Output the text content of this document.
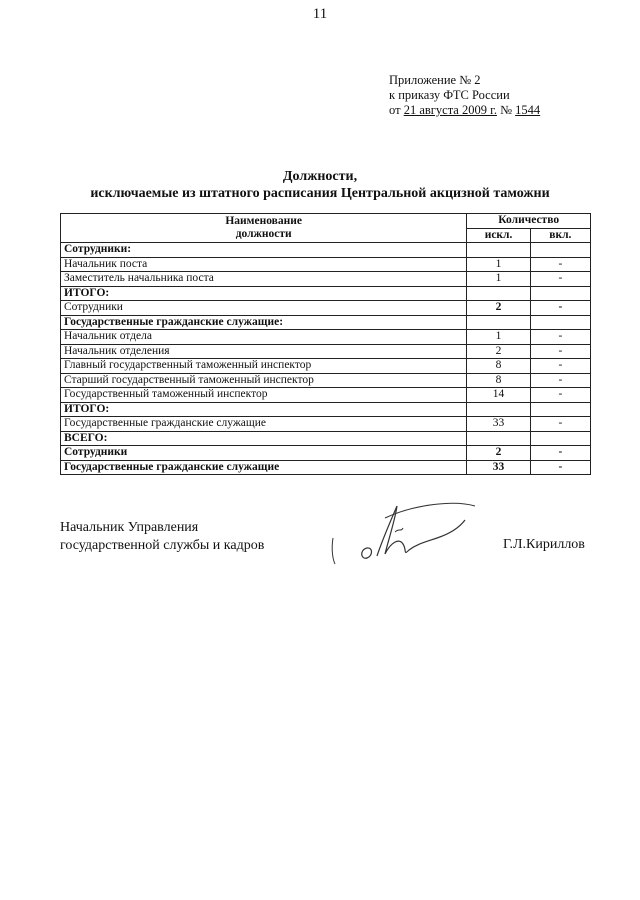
11
Приложение № 2
к приказу ФТС России
от 21 августа 2009 г. № 1544
Должности,
исключаемые из штатного расписания Центральной акцизной таможни
Наименование
должности	Количество	
	искл.	вкл.
Сотрудники:		
Начальник поста	1	-
Заместитель начальника поста	1	-
ИТОГО:		
Сотрудники	2	-
Государственные гражданские служащие:		
Начальник отдела	1	-
Начальник отделения	2	-
Главный государственный таможенный инспектор	8	-
Старший государственный таможенный инспектор	8	-
Государственный таможенный инспектор	14	-
ИТОГО:		
Государственные гражданские служащие	33	-
ВСЕГО:		
Сотрудники	2	-
Государственные гражданские служащие	33	-
Начальник Управления
государственной службы и кадров	Г.Л.Кириллов
